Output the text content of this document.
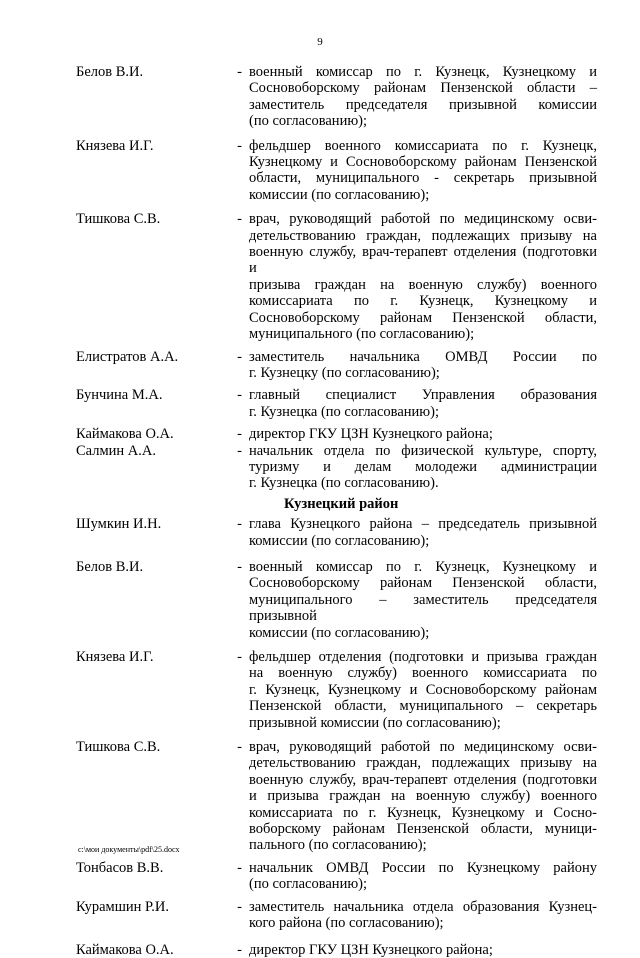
9
Белов В.И.	- военный комиссар по г. Кузнецк, Кузнецкому и
Сосновоборскому районам Пензенской области –
заместитель председателя призывной комиссии
(по согласованию);
Князева И.Г.	- фельдшер военного комиссариата по г. Кузнецк,
Кузнецкому и Сосновоборскому районам Пензенской
области, муниципального - секретарь призывной
комиссии (по согласованию);
Тишкова С.В.	- врач, руководящий работой по медицинскому осви-
детельствованию граждан, подлежащих призыву на
военную службу, врач-терапевт отделения (подготовки и
призыва граждан на военную службу) военного
комиссариата по г. Кузнецк, Кузнецкому и
Сосновоборскому районам Пензенской области,
муниципального (по согласованию);
Елистратов А.А.	- заместитель начальника ОМВД России по
г. Кузнецку (по согласованию);
Бунчина М.А.	- главный специалист Управления образования
г. Кузнецка (по согласованию);
Каймакова О.А.	- директор ГКУ ЦЗН Кузнецкого района;
Салмин А.А.	- начальник отдела по физической культуре, спорту,
туризму и делам молодежи администрации
г. Кузнецка (по согласованию).
Кузнецкий район
Шумкин И.Н.	- глава Кузнецкого района – председатель призывной
комиссии (по согласованию);
Белов В.И.	- военный комиссар по г. Кузнецк, Кузнецкому и
Сосновоборскому районам Пензенской области,
муниципального – заместитель председателя призывной
комиссии (по согласованию);
Князева И.Г.	- фельдшер отделения (подготовки и призыва граждан
на военную службу) военного комиссариата по
г. Кузнецк, Кузнецкому и Сосновоборскому районам
Пензенской области, муниципального – секретарь
призывной комиссии (по согласованию);
Тишкова С.В.	- врач, руководящий работой по медицинскому осви-
детельствованию граждан, подлежащих призыву на
военную службу, врач-терапевт отделения (подготовки
и призыва граждан на военную службу) военного
комиссариата по г. Кузнецк, Кузнецкому и Сосно-
воборскому районам Пензенской области, муници-
пального (по согласованию);
Тонбасов В.В.	- начальник ОМВД России по Кузнецкому району
(по согласованию);
Курамшин Р.И.	- заместитель начальника отдела образования Кузнец-
кого района (по согласованию);
Каймакова О.А.	- директор ГКУ ЦЗН Кузнецкого района;
c:\мои документы\pdf\25.docx
